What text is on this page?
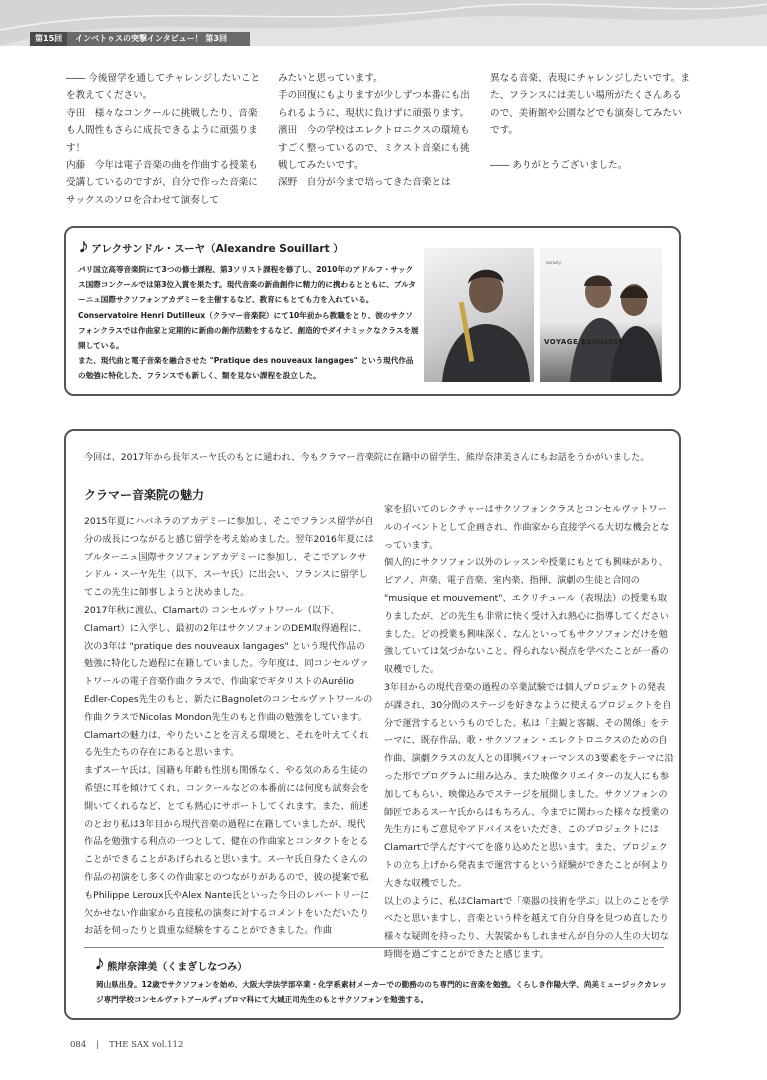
第15回	インベトゥスの突撃インタビュー！ 第3回

―― 今後留学を通してチャレンジしたいことを教えてください。

寺田　様々なコンクールに挑戦したり、音楽も人間性もさらに成長できるように頑張ります！

内藤　今年は電子音楽の曲を作曲する授業も受講しているのですが、自分で作った音楽にサックスのソロを合わせて演奏して

みたいと思っています。

手の回復にもよりますが少しずつ本番にも出られるように、現状に負けずに頑張ります。

濱田　今の学校はエレクトロニクスの環境もすごく整っているので、ミクスト音楽にも挑戦してみたいです。

深野　自分が今まで培ってきた音楽とは

異なる音楽、表現にチャレンジしたいです。また、フランスには美しい場所がたくさんあるので、美術館や公園などでも演奏してみたいです。

―― ありがとうございました。

𝅘𝅥𝅮 アレクサンドル・スーヤ（Alexandre Souillart ）

パリ国立高等音楽院にて3つの修士課程、第3ソリスト課程を修了し、2010年のアドルフ・サックス国際コンクールでは第3位入賞を果たす。現代音楽の新曲創作に精力的に携わるとともに、ブルターニュ国際サクソフォンアカデミーを主催するなど、教育にもとても力を入れている。

Conservatoire Henri Dutilleux（クラマー音楽院）にて10年前から教職をとり、彼のサクソフォンクラスでは作曲家と定期的に新曲の創作活動をするなど、創造的でダイナミックなクラスを展開している。

また、現代曲と電子音楽を融合させた "Pratique des nouveaux langages" という現代作品の勉強に特化した、フランスでも新しく、類を見ない課程を設立した。

parasty
VOYAGE ESQUISSE
今回は、2017年から長年スーヤ氏のもとに通われ、今もクラマー音楽院に在籍中の留学生、熊岸奈津美さんにもお話をうかがいました。
クラマー音楽院の魅力

2015年夏にハバネラのアカデミーに参加し、そこでフランス留学が自分の成長につながると感じ留学を考え始めました。翌年2016年夏にはブルターニュ国際サクソフォンアカデミーに参加し、そこでアレクサンドル・スーヤ先生（以下、スーヤ氏）に出会い、フランスに留学してこの先生に師事しようと決めました。

2017年秋に渡仏、Clamartの コンセルヴァトワール（以下、Clamart）に入学し、最初の2年はサクソフォンのDEM取得過程に、次の3年は "pratique des nouveaux langages" という現代作品の勉強に特化した過程に在籍していました。今年度は、同コンセルヴァトワールの電子音楽作曲クラスで、作曲家でギタリストのAurélio Edler-Copes先生のもと、新たにBagnoletのコンセルヴァトワールの作曲クラスでNicolas Mondon先生のもと作曲の勉強をしています。

Clamartの魅力は、やりたいことを言える環境と、それを叶えてくれる先生たちの存在にあると思います。

まずスーヤ氏は、国籍も年齢も性別も関係なく、やる気のある生徒の希望に耳を傾けてくれ、コンクールなどの本番前には何度も試奏会を開いてくれるなど、とても熱心にサポートしてくれます。また、前述のとおり私は3年目から現代音楽の過程に在籍していましたが、現代作品を勉強する利点の一つとして、健在の作曲家とコンタクトをとることができることがあげられると思います。スーヤ氏自身たくさんの作品の初演をし多くの作曲家とのつながりがあるので、彼の提案で私もPhilippe Leroux氏やAlex Nante氏といった今日のレパートリーに欠かせない作曲家から直接私の演奏に対するコメントをいただいたりお話を伺ったりと貴重な経験をすることができました。作曲

家を招いてのレクチャーはサクソフォンクラスとコンセルヴァトワールのイベントとして企画され、作曲家から直接学べる大切な機会となっています。

個人的にサクソフォン以外のレッスンや授業にもとても興味があり、ピアノ、声楽、電子音楽、室内楽、指揮、演劇の生徒と合同の "musique et mouvement"、エクリチュール（表現法）の授業も取りましたが、どの先生も非常に快く受け入れ熱心に指導してくださいました。どの授業も興味深く、なんといってもサクソフォンだけを勉強していては気づかないこと、得られない視点を学べたことが一番の収穫でした。

3年目からの現代音楽の過程の卒業試験では個人プロジェクトの発表が課され、30分間のステージを好きなように使えるプロジェクトを自分で運営するというものでした。私は「主観と客観、その関係」をテーマに、既存作品、歌・サクソフォン・エレクトロニクスのための自作曲、演劇クラスの友人との即興パフォーマンスの3要素をテーマに沿った形でプログラムに組み込み、また映像クリエイターの友人にも参加してもらい、映像込みでステージを展開しました。サクソフォンの師匠であるスーヤ氏からはもちろん、今までに関わった様々な授業の先生方にもご意見やアドバイスをいただき、このプロジェクトにはClamartで学んだすべてを盛り込めたと思います。また、プロジェクトの立ち上げから発表まで運営するという経験ができたことが何より大きな収穫でした。

以上のように、私はClamartで「楽器の技術を学ぶ」以上のことを学べたと思いますし、音楽という枠を越えて自分自身を見つめ直したり様々な疑問を持ったり、大袈裟かもしれませんが自分の人生の大切な時間を過ごすことができたと感じます。

𝅘𝅥𝅮 熊岸奈津美（くまぎしなつみ）
岡山県出身。12歳でサクソフォンを始め、大阪大学法学部卒業・化学系素材メーカーでの勤務ののち専門的に音楽を勉強。くらしき作陽大学、尚美ミュージックカレッジ専門学校コンセルヴァトアールディプロマ科にて大城正司先生のもとサクソフォンを勉強する。
084 | THE SAX vol.112
